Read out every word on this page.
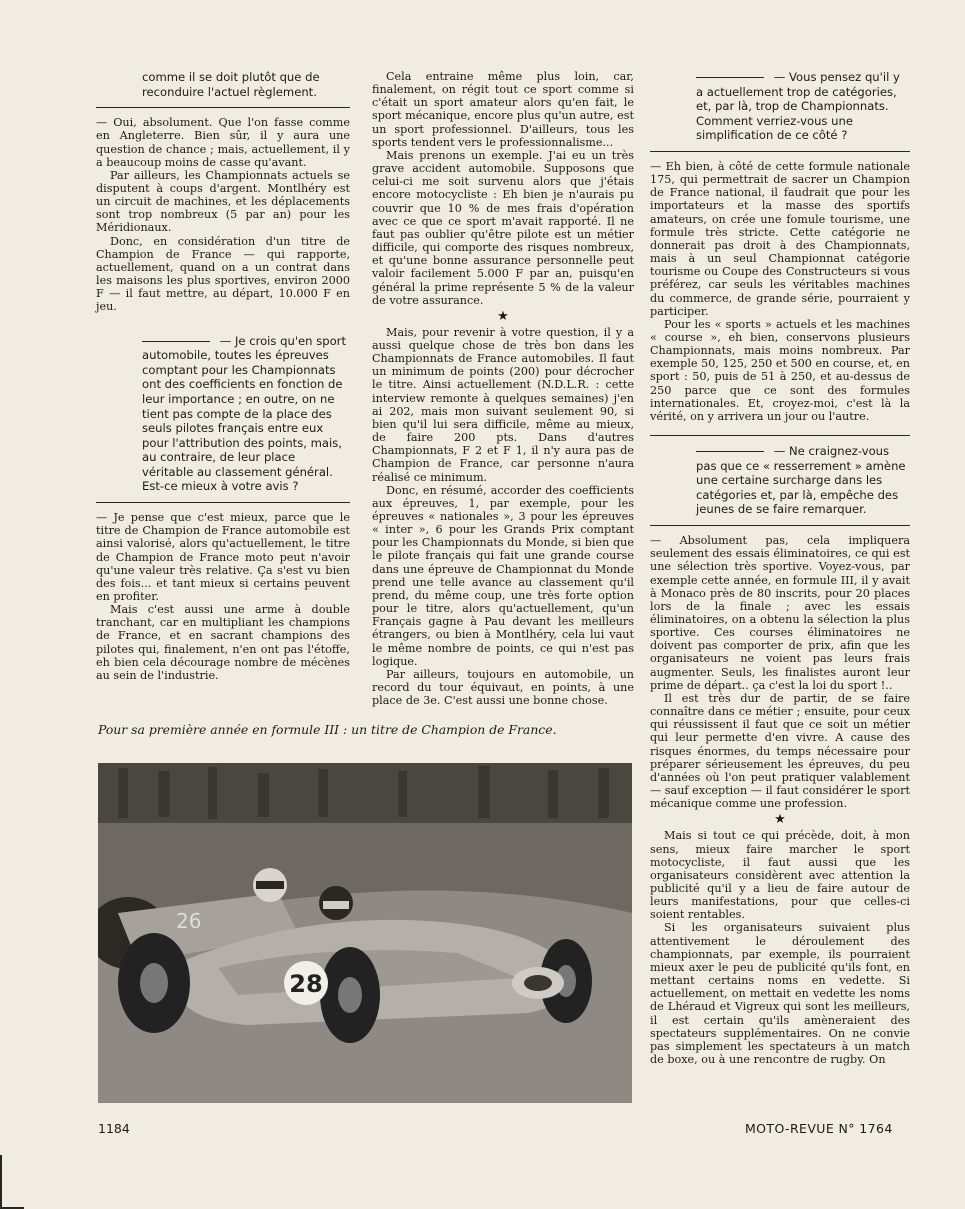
comme il se doit plutôt que de reconduire l'actuel règlement.

— Oui, absolument. Que l'on fasse comme en Angleterre. Bien sûr, il y aura une question de chance ; mais, actuellement, il y a beaucoup moins de casse qu'avant.

Par ailleurs, les Championnats actuels se disputent à coups d'argent. Montlhéry est un circuit de machines, et les déplacements sont trop nombreux (5 par an) pour les Méridionaux.

Donc, en considération d'un titre de Champion de France — qui rapporte, actuellement, quand on a un contrat dans les maisons les plus sportives, environ 2000 F — il faut mettre, au départ, 10.000 F en jeu.

— Je crois qu'en sport automobile, toutes les épreuves comptant pour les Championnats ont des coefficients en fonction de leur importance ; en outre, on ne tient pas compte de la place des seuls pilotes français entre eux pour l'attribution des points, mais, au contraire, de leur place véritable au classement général. Est-ce mieux à votre avis ?

— Je pense que c'est mieux, parce que le titre de Champion de France automobile est ainsi valorisé, alors qu'actuellement, le titre de Champion de France moto peut n'avoir qu'une valeur très relative. Ça s'est vu bien des fois... et tant mieux si certains peuvent en profiter.

Mais c'est aussi une arme à double tranchant, car en multipliant les champions de France, et en sacrant champions des pilotes qui, finalement, n'en ont pas l'étoffe, eh bien cela décourage nombre de mécènes au sein de l'industrie.

Cela entraine même plus loin, car, finalement, on régit tout ce sport comme si c'était un sport amateur alors qu'en fait, le sport mécanique, encore plus qu'un autre, est un sport professionnel. D'ailleurs, tous les sports tendent vers le professionnalisme...

Mais prenons un exemple. J'ai eu un très grave accident automobile. Supposons que celui-ci me soit survenu alors que j'étais encore motocycliste : Eh bien je n'aurais pu couvrir que 10 % de mes frais d'opération avec ce que ce sport m'avait rapporté. Il ne faut pas oublier qu'être pilote est un métier difficile, qui comporte des risques nombreux, et qu'une bonne assurance personnelle peut valoir facilement 5.000 F par an, puisqu'en général la prime représente 5 % de la valeur de votre assurance.

★

Mais, pour revenir à votre question, il y a aussi quelque chose de très bon dans les Championnats de France automobiles. Il faut un minimum de points (200) pour décrocher le titre. Ainsi actuellement (N.D.L.R. : cette interview remonte à quelques semaines) j'en ai 202, mais mon suivant seulement 90, si bien qu'il lui sera difficile, même au mieux, de faire 200 pts. Dans d'autres Championnats, F 2 et F 1, il n'y aura pas de Champion de France, car personne n'aura réalisé ce minimum.

Donc, en résumé, accorder des coefficients aux épreuves, 1, par exemple, pour les épreuves « nationales », 3 pour les épreuves « inter », 6 pour les Grands Prix comptant pour les Championnats du Monde, si bien que le pilote français qui fait une grande course dans une épreuve de Championnat du Monde prend une telle avance au classement qu'il prend, du même coup, une très forte option pour le titre, alors qu'actuellement, qu'un Français gagne à Pau devant les meilleurs étrangers, ou bien à Montlhéry, cela lui vaut le même nombre de points, ce qui n'est pas logique.

Par ailleurs, toujours en automobile, un record du tour équivaut, en points, à une place de 3e. C'est aussi une bonne chose.

— Vous pensez qu'il y a actuellement trop de catégories, et, par là, trop de Championnats. Comment verriez-vous une simplification de ce côté ?

— Eh bien, à côté de cette formule nationale 175, qui permettrait de sacrer un Champion de France national, il faudrait que pour les importateurs et la masse des sportifs amateurs, on crée une fomule tourisme, une formule très stricte. Cette catégorie ne donnerait pas droit à des Championnats, mais à un seul Championnat catégorie tourisme ou Coupe des Constructeurs si vous préférez, car seuls les véritables machines du commerce, de grande série, pourraient y participer.

Pour les « sports » actuels et les machines « course », eh bien, conservons plusieurs Championnats, mais moins nombreux. Par exemple 50, 125, 250 et 500 en course, et, en sport : 50, puis de 51 à 250, et au-dessus de 250 parce que ce sont des formules internationales. Et, croyez-moi, c'est là la vérité, on y arrivera un jour ou l'autre.

— Ne craignez-vous pas que ce « resserrement » amène une certaine surcharge dans les catégories et, par là, empêche des jeunes de se faire remarquer.

— Absolument pas, cela impliquera seulement des essais éliminatoires, ce qui est une sélection très sportive. Voyez-vous, par exemple cette année, en formule III, il y avait à Monaco près de 80 inscrits, pour 20 places lors de la finale ; avec les essais éliminatoires, on a obtenu la sélection la plus sportive. Ces courses éliminatoires ne doivent pas comporter de prix, afin que les organisateurs ne voient pas leurs frais augmenter. Seuls, les finalistes auront leur prime de départ.. ça c'est la loi du sport !..

Il est très dur de partir, de se faire connaître dans ce métier ; ensuite, pour ceux qui réussissent il faut que ce soit un métier qui leur permette d'en vivre. A cause des risques énormes, du temps nécessaire pour préparer sérieusement les épreuves, du peu d'années où l'on peut pratiquer valablement — sauf exception — il faut considérer le sport mécanique comme une profession.

★

Mais si tout ce qui précède, doit, à mon sens, mieux faire marcher le sport motocycliste, il faut aussi que les organisateurs considèrent avec attention la publicité qu'il y a lieu de faire autour de leurs manifestations, pour que celles-ci soient rentables.

Si les organisateurs suivaient plus attentivement le déroulement des championnats, par exemple, ils pourraient mieux axer le peu de publicité qu'ils font, en mettant certains noms en vedette. Si actuellement, on mettait en vedette les noms de Lhéraud et Vigreux qui sont les meilleurs, il est certain qu'ils amèneraient des spectateurs supplémentaires. On ne convie pas simplement les spectateurs à un match de boxe, ou à une rencontre de rugby. On

Pour sa première année en formule III : un titre de Champion de France.
26
28
1184	MOTO-REVUE N° 1764
